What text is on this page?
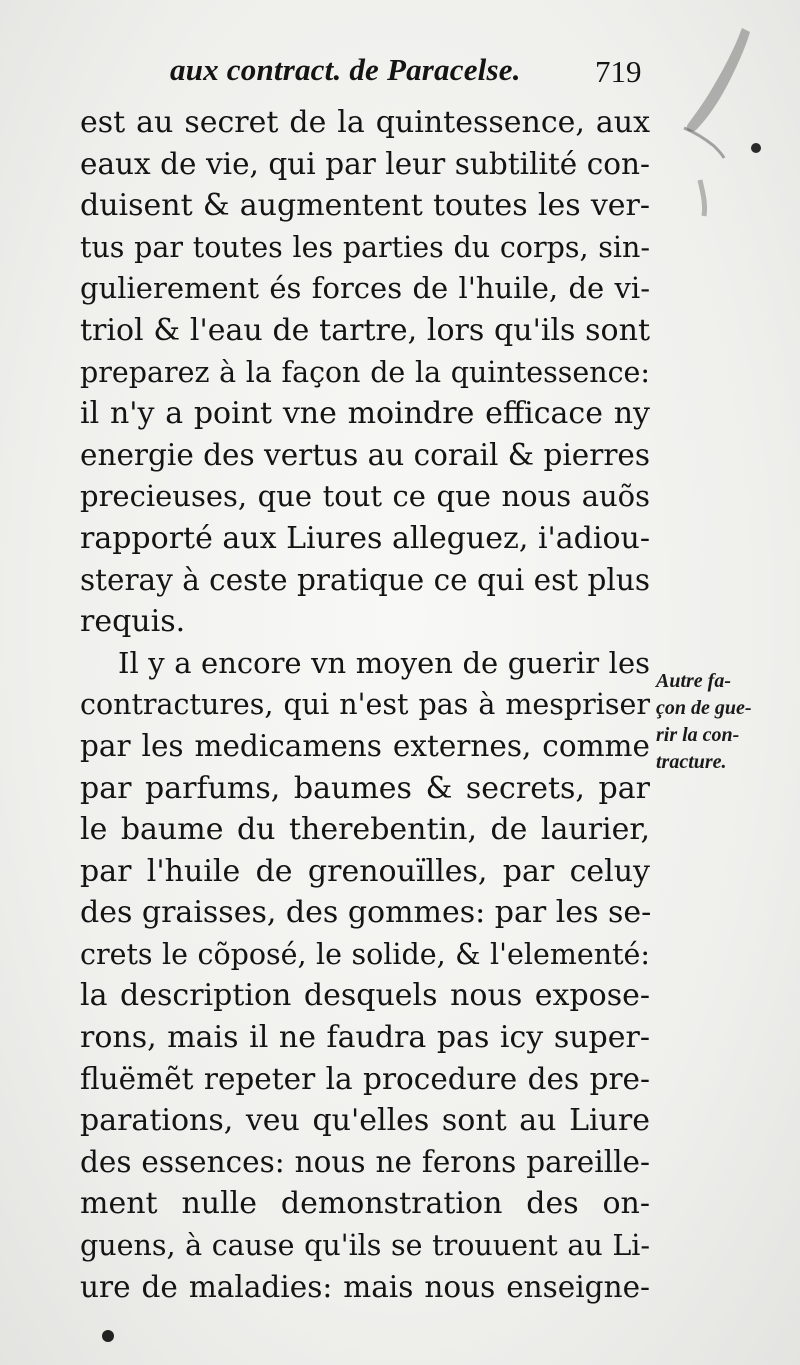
aux contract. de Paracelse. 719
est au secret de la quintessence, aux
eaux de vie, qui par leur subtilité con-
duisent & augmentent toutes les ver-
tus par toutes les parties du corps, sin-
gulierement és forces de l'huile, de vi-
triol & l'eau de tartre, lors qu'ils sont
preparez à la façon de la quintessence:
il n'y a point vne moindre efficace ny
energie des vertus au corail & pierres
precieuses, que tout ce que nous auõs
rapporté aux Liures alleguez, i'adiou-
steray à ceste pratique ce qui est plus
requis.
Il y a encore vn moyen de guerir les
contractures, qui n'est pas à mespriser
par les medicamens externes, comme
par parfums, baumes & secrets, par
le baume du therebentin, de laurier,
par l'huile de grenouïlles, par celuy
des graisses, des gommes: par les se-
crets le cõposé, le solide, & l'elementé:
la description desquels nous expose-
rons, mais il ne faudra pas icy super-
fluëmẽt repeter la procedure des pre-
parations, veu qu'elles sont au Liure
des essences: nous ne ferons pareille-
ment nulle demonstration des on-
guens, à cause qu'ils se trouuent au Li-
ure de maladies: mais nous enseigne-
Autre fa-
çon de gue-
rir la con-
tracture.
